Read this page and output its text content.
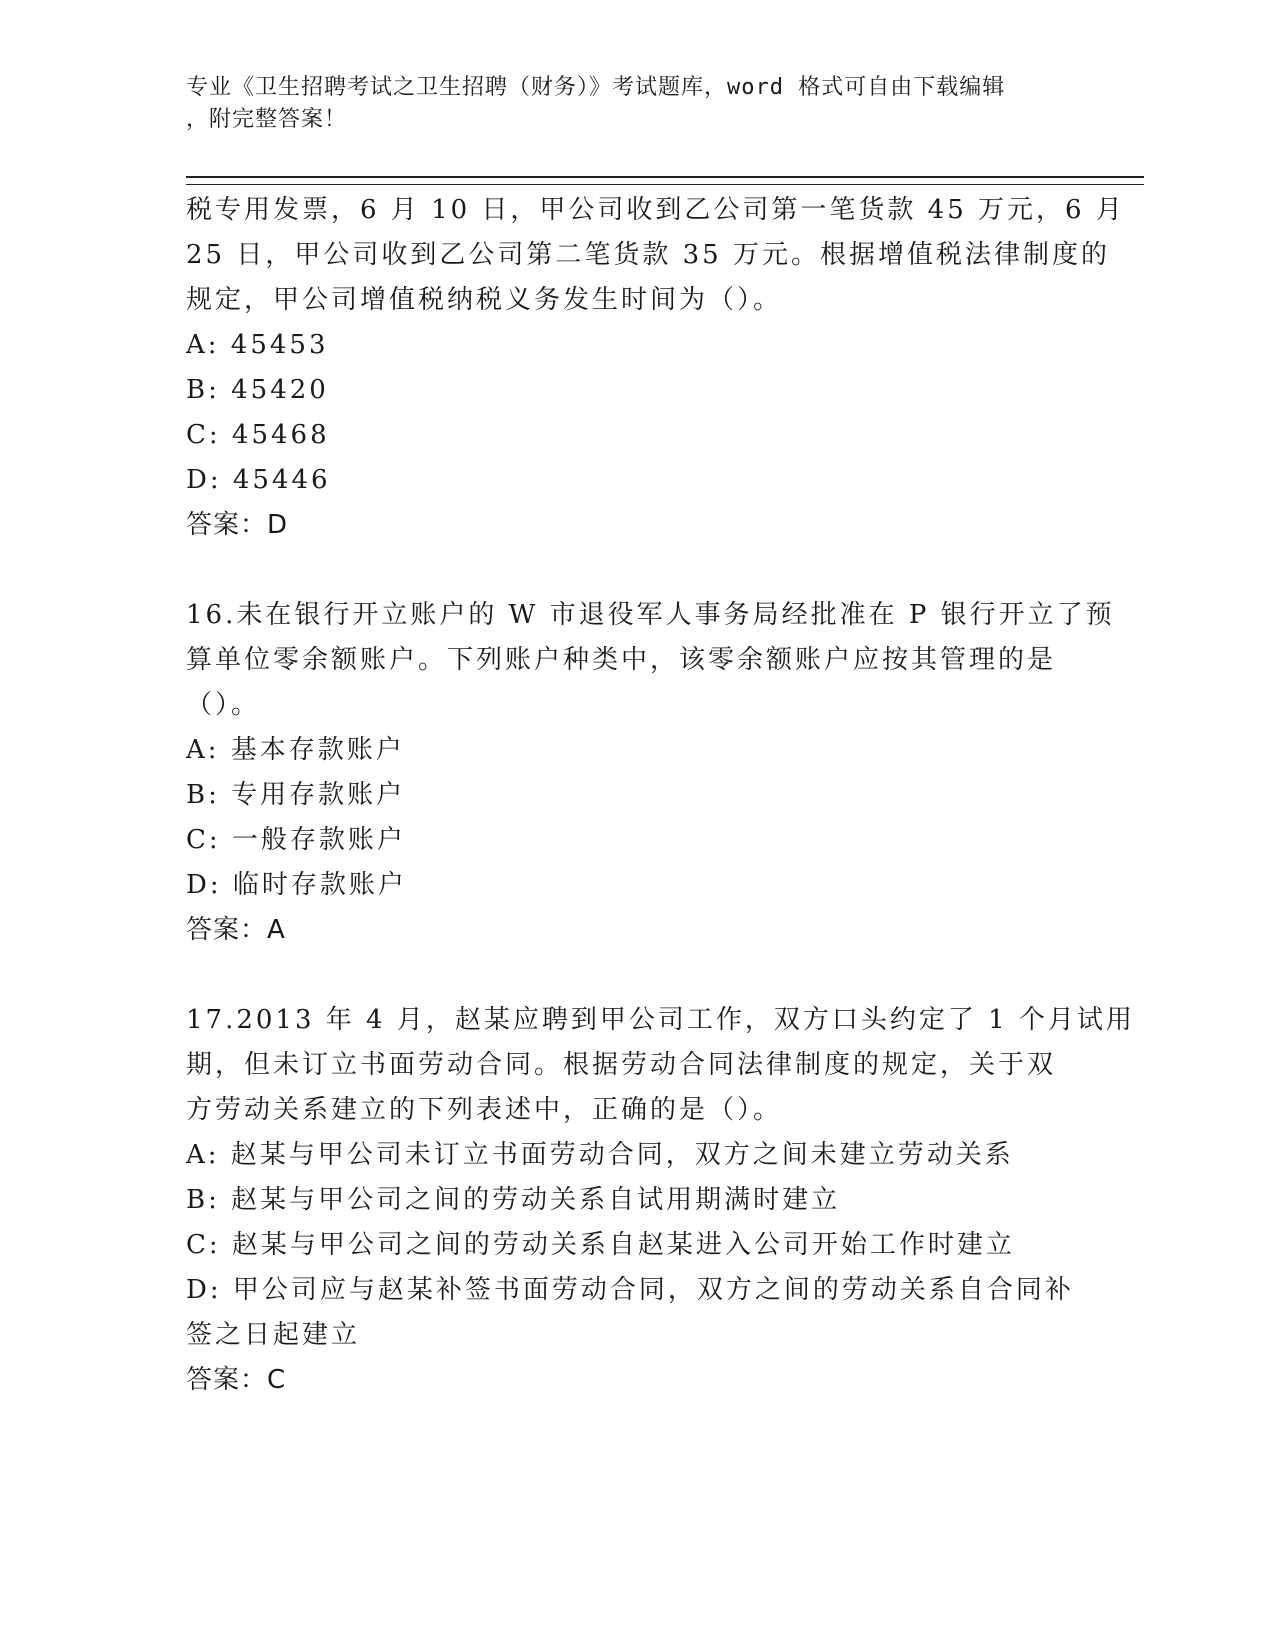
专业《卫生招聘考试之卫生招聘（财务）》考试题库，word 格式可自由下载编辑
，附完整答案！
税专用发票，6 月 10 日，甲公司收到乙公司第一笔货款 45 万元，6 月
25 日，甲公司收到乙公司第二笔货款 35 万元。根据增值税法律制度的
规定，甲公司增值税纳税义务发生时间为（）。
A: 45453
B: 45420
C: 45468
D: 45446
答案：D
16.未在银行开立账户的 W 市退役军人事务局经批准在 P 银行开立了预
算单位零余额账户。下列账户种类中，该零余额账户应按其管理的是
（）。
A: 基本存款账户
B: 专用存款账户
C: 一般存款账户
D: 临时存款账户
答案：A
17.2013 年 4 月，赵某应聘到甲公司工作，双方口头约定了 1 个月试用
期，但未订立书面劳动合同。根据劳动合同法律制度的规定，关于双
方劳动关系建立的下列表述中，正确的是（）。
A: 赵某与甲公司未订立书面劳动合同，双方之间未建立劳动关系
B: 赵某与甲公司之间的劳动关系自试用期满时建立
C: 赵某与甲公司之间的劳动关系自赵某进入公司开始工作时建立
D: 甲公司应与赵某补签书面劳动合同，双方之间的劳动关系自合同补
签之日起建立
答案：C
